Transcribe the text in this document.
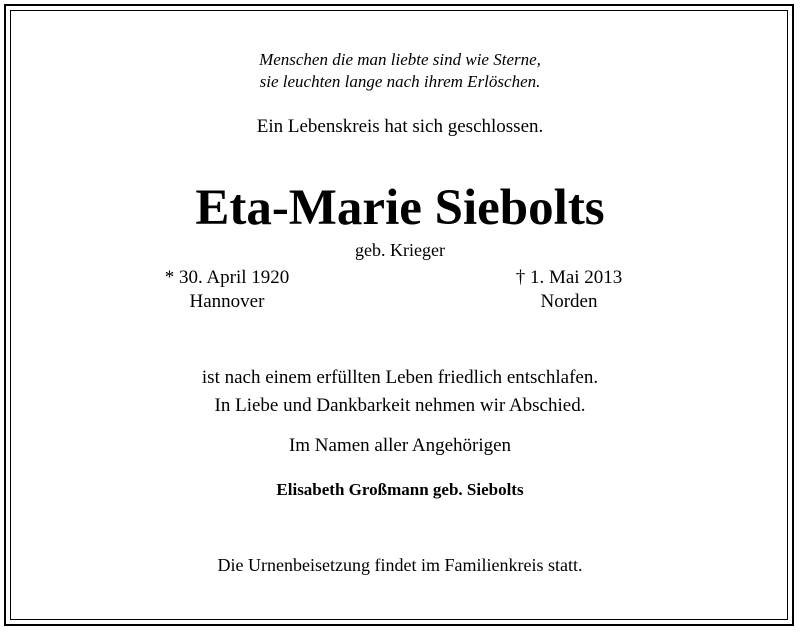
Menschen die man liebte sind wie Sterne,
sie leuchten lange nach ihrem Erlöschen.
Ein Lebenskreis hat sich geschlossen.
Eta-Marie Siebolts
geb. Krieger
* 30. April 1920
Hannover
† 1. Mai 2013
Norden
ist nach einem erfüllten Leben friedlich entschlafen.
In Liebe und Dankbarkeit nehmen wir Abschied.
Im Namen aller Angehörigen
Elisabeth Großmann geb. Siebolts
Die Urnenbeisetzung findet im Familienkreis statt.
